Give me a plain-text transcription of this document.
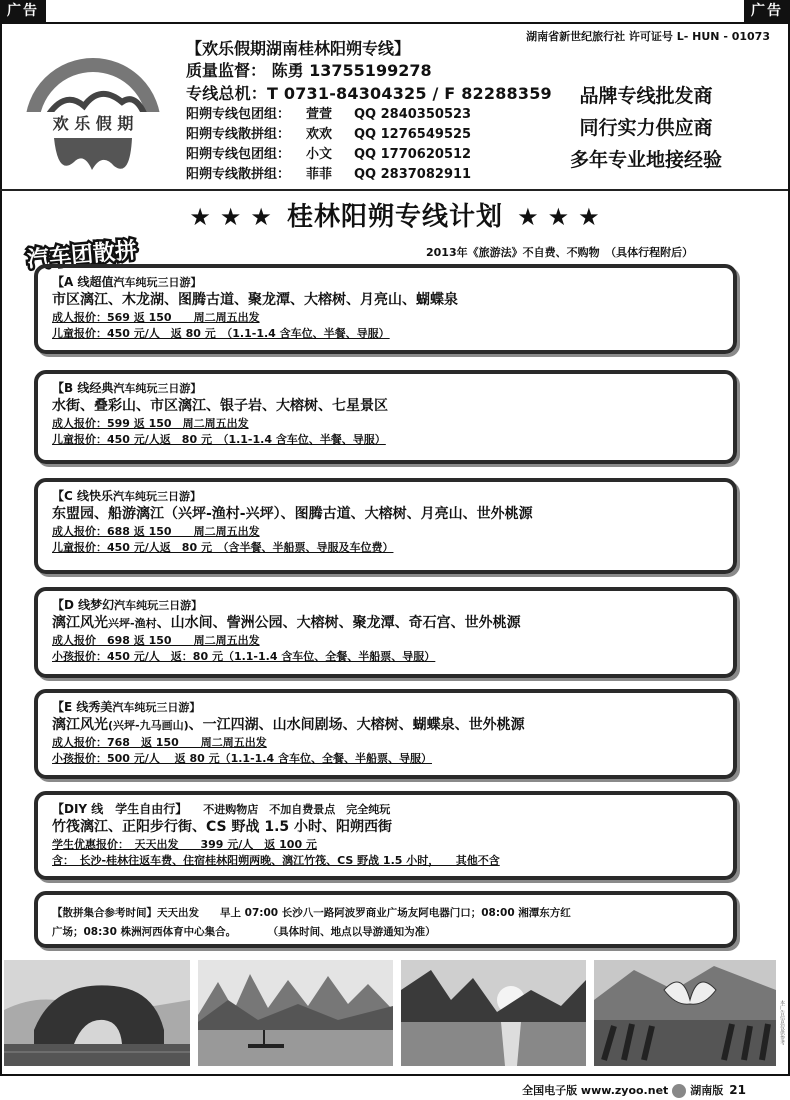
广告	广告
欢 乐 假 期
湖南省新世纪旅行社 许可证号 L- HUN - 01073
【欢乐假期湖南桂林阳朔专线】
质量监督： 陈勇 13755199278
专线总机：T 0731-84304325 / F 82288359
阳朔专线包团组： 萱萱 QQ 2840350523
阳朔专线散拼组： 欢欢 QQ 1276549525
阳朔专线包团组： 小文 QQ 1770620512
阳朔专线散拼组： 菲菲 QQ 2837082911
品牌专线批发商
同行实力供应商
多年专业地接经验
★ ★ ★ 桂林阳朔专线计划 ★ ★ ★
汽车团散拼	2013年《旅游法》不自费、不购物　（具体行程附后）
【A 线超值汽车纯玩三日游】
市区漓江、木龙湖、图腾古道、聚龙潭、大榕树、月亮山、蝴蝶泉
成人报价：569 返 150　　周二周五出发
儿童报价：450 元/人　返 80 元　（1.1-1.4 含车位、半餐、导服）
【B 线经典汽车纯玩三日游】
水街、叠彩山、市区漓江、银子岩、大榕树、七星景区
成人报价：599 返 150　周二周五出发
儿童报价：450 元/人返　80 元　（1.1-1.4 含车位、半餐、导服）
【C 线快乐汽车纯玩三日游】
东盟园、船游漓江（兴坪-渔村-兴坪）、图腾古道、大榕树、月亮山、世外桃源
成人报价：688 返 150　　周二周五出发
儿童报价：450 元/人返　80 元　（含半餐、半船票、导服及车位费）
【D 线梦幻汽车纯玩三日游】
漓江风光兴坪-渔村、山水间、訾洲公园、大榕树、聚龙潭、奇石宫、世外桃源
成人报价　698 返 150　　周二周五出发
小孩报价：450 元/人　返：80 元（1.1-1.4 含车位、全餐、半船票、导服）
【E 线秀美汽车纯玩三日游】
漓江风光(兴坪-九马画山)、一江四湖、山水间剧场、大榕树、蝴蝶泉、世外桃源
成人报价：768　返 150　　周二周五出发
小孩报价：500 元/人　 返 80 元（1.1-1.4 含车位、全餐、半船票、导服）
【DIY 线　学生自由行】　　不进购物店　不加自费景点　完全纯玩
竹筏漓江、正阳步行街、CS 野战 1.5 小时、阳朔西街
学生优惠报价：　天天出发　　399 元/人　返 100 元
含：　长沙-桂林往返车费、住宿桂林阳朔两晚、漓江竹筏、CS 野战 1.5 小时，　　其他不含
【散拼集合参考时间】天天出发　　早上 07:00 长沙八一路阿波罗商业广场友阿电器门口；08:00 湘潭东方红
广场；08:30 株洲河西体育中心集合。　　　　（具体时间、地点以导游通知为准）
本广告信息仅供参考
全国电子版 www.zyoo.net 湖南版 21
